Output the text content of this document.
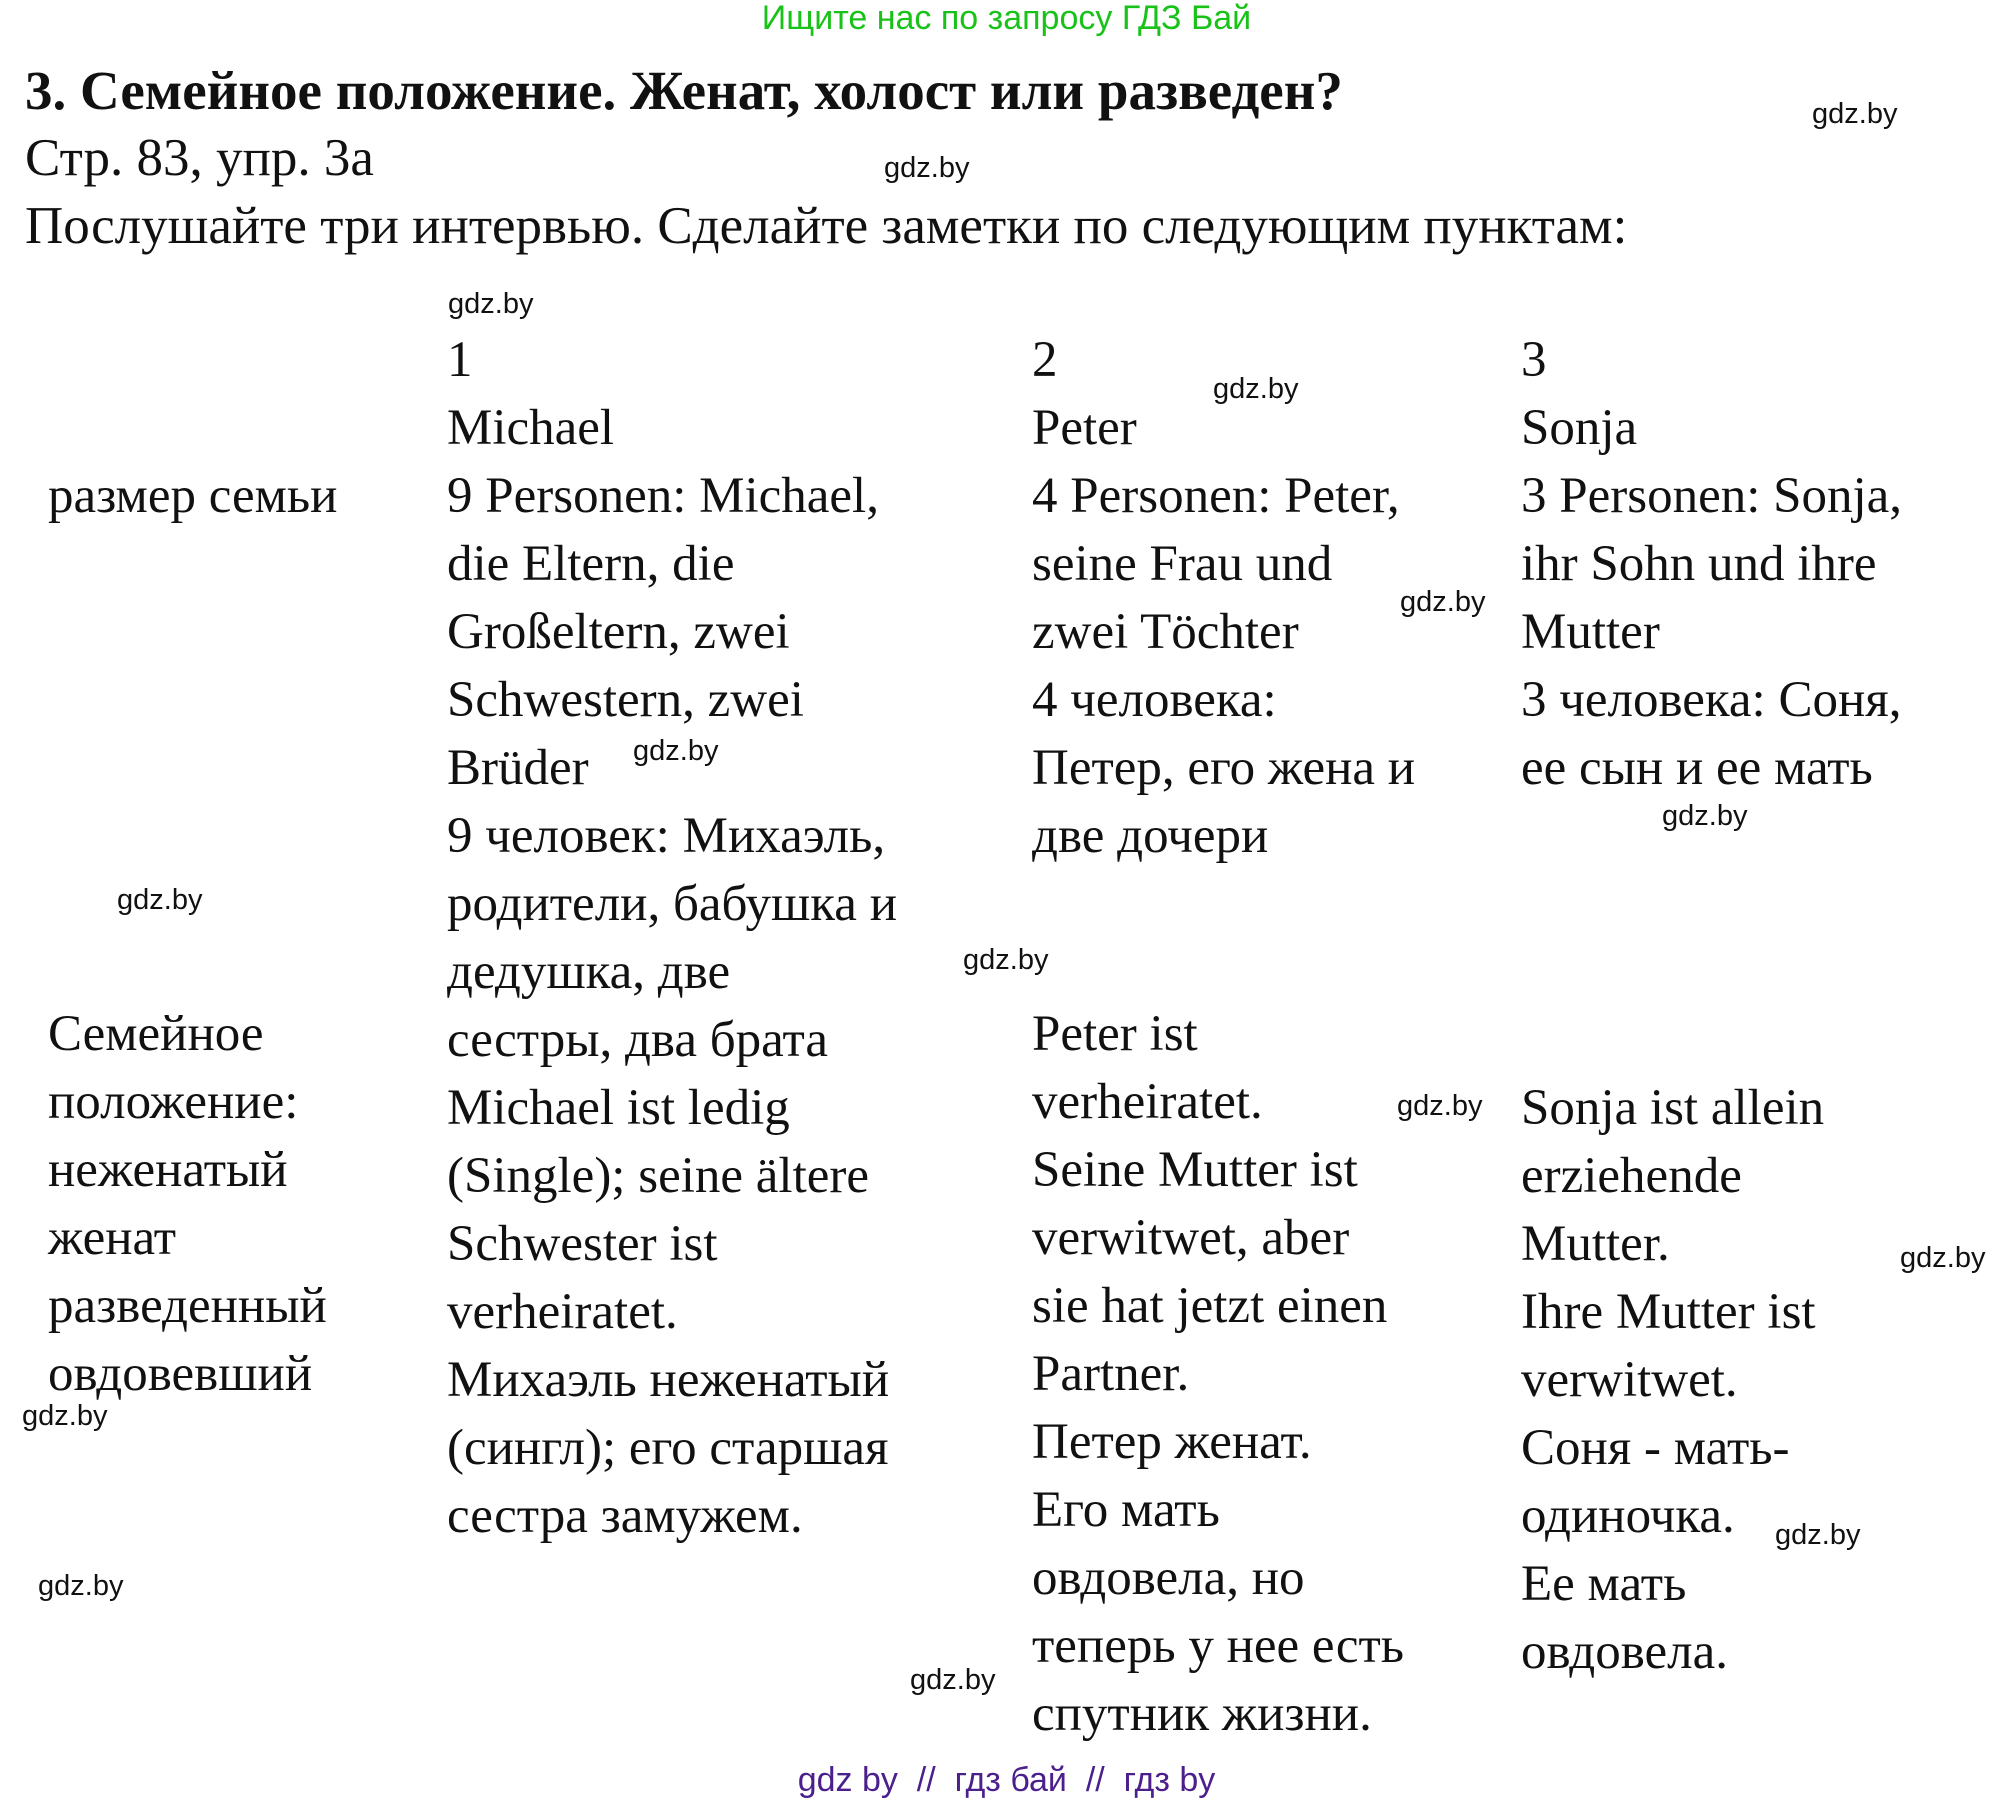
Ищите нас по запросу ГДЗ Бай
3. Семейное положение. Женат, холост или разведен?
Стр. 83, упр. 3а
Послушайте три интервью. Сделайте заметки по следующим пунктам:
размер семьи
Семейное
положение:
неженатый
женат
разведенный
овдовевший
1
Michael
9 Personen: Michael,
die Eltern, die
Großeltern, zwei
Schwestern, zwei
Brüder
9 человек: Михаэль,
родители, бабушка и
дедушка, две
сестры, два брата
Michael ist ledig
(Single); seine ältere
Schwester ist
verheiratet.
Михаэль неженатый
(сингл); его старшая
сестра замужем.
2
Peter
4 Personen: Peter,
seine Frau und
zwei Töchter
4 человека:
Петер, его жена и
две дочери
Peter ist
verheiratet.
Seine Mutter ist
verwitwet, aber
sie hat jetzt einen
Partner.
Петер женат.
Его мать
овдовела, но
теперь у нее есть
спутник жизни.
3
Sonja
3 Personen: Sonja,
ihr Sohn und ihre
Mutter
3 человека: Соня,
ее сын и ее мать
Sonja ist allein
erziehende
Mutter.
Ihre Mutter ist
verwitwet.
Соня - мать-
одиночка.
Ее мать
овдовела.
gdz.by
gdz.by
gdz.by
gdz.by
gdz.by
gdz.by
gdz.by
gdz.by
gdz.by
gdz.by
gdz.by
gdz.by
gdz.by
gdz.by
gdz.by
gdz by  //  гдз бай  //  гдз by
